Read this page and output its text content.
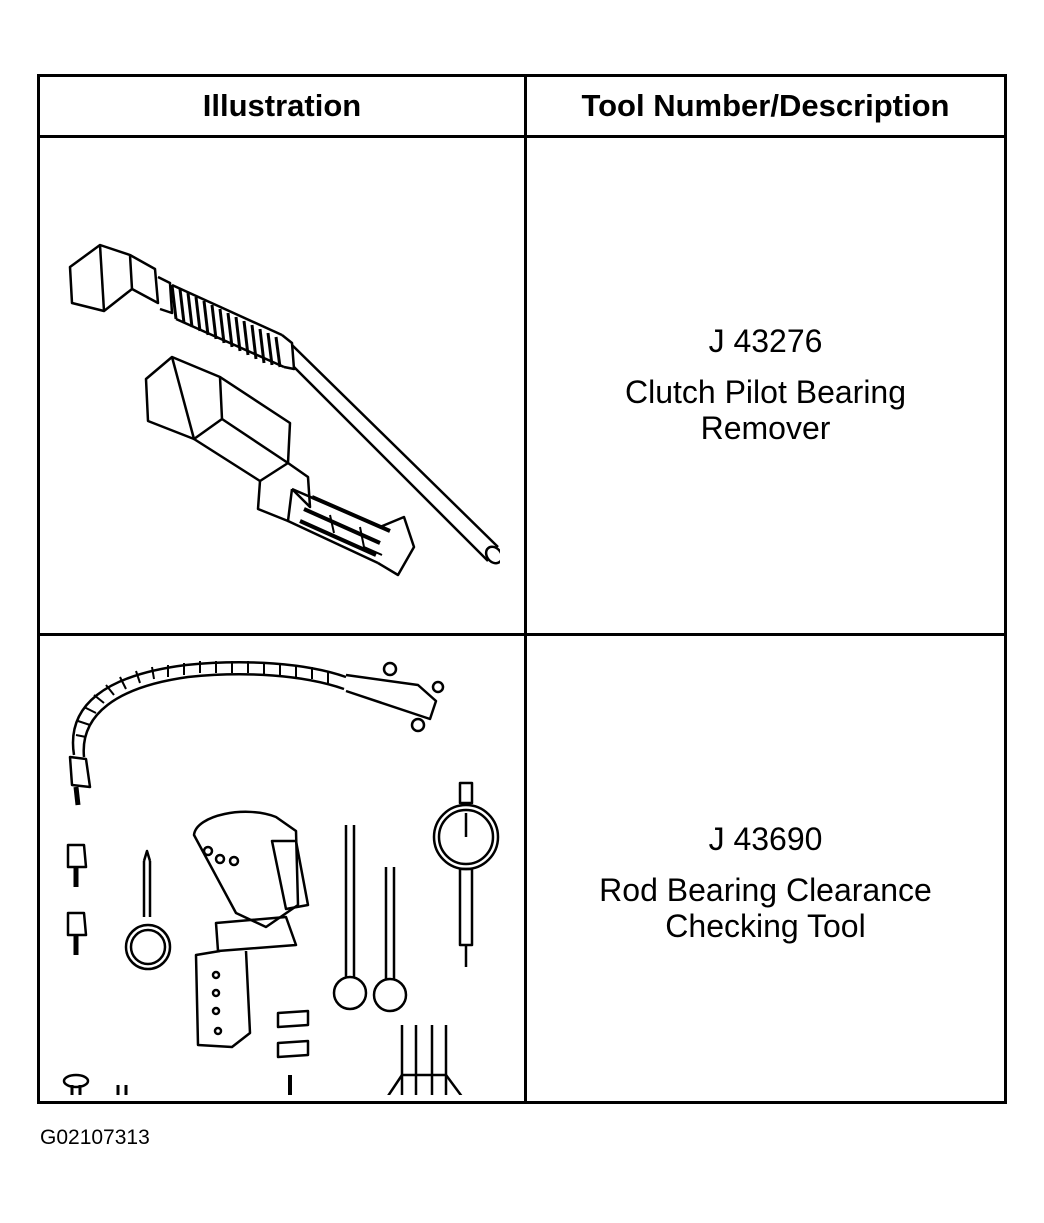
Illustration	Tool Number/Description
J 43276
Clutch Pilot Bearing
Remover
J 43690
Rod Bearing Clearance
Checking Tool
G02107313
